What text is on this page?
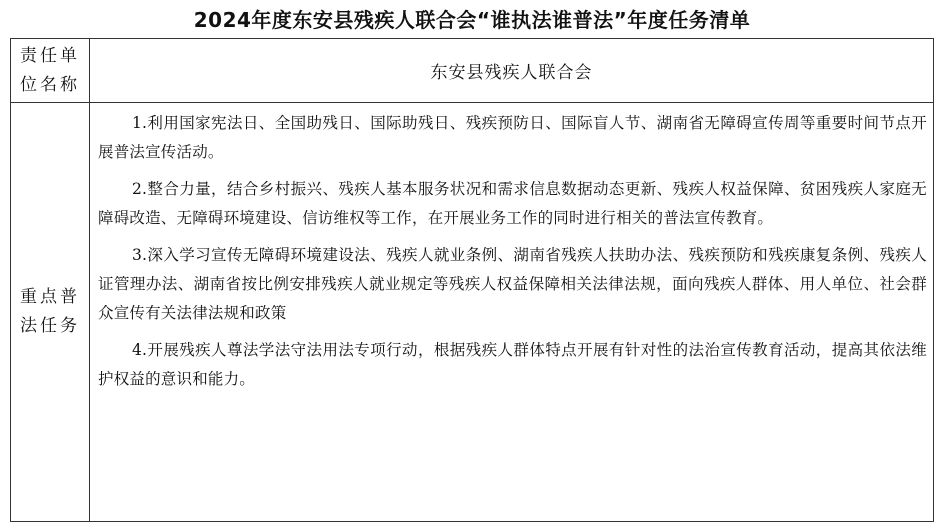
2024年度东安县残疾人联合会“谁执法谁普法”年度任务清单
责任单位名称	东安县残疾人联合会
重点普法任务	1.利用国家宪法日、全国助残日、国际助残日、残疾预防日、国际盲人节、湖南省无障碍宣传周等重要时间节点开展普法宣传活动。

2.整合力量，结合乡村振兴、残疾人基本服务状况和需求信息数据动态更新、残疾人权益保障、贫困残疾人家庭无障碍改造、无障碍环境建设、信访维权等工作，在开展业务工作的同时进行相关的普法宣传教育。

3.深入学习宣传无障碍环境建设法、残疾人就业条例、湖南省残疾人扶助办法、残疾预防和残疾康复条例、残疾人证管理办法、湖南省按比例安排残疾人就业规定等残疾人权益保障相关法律法规，面向残疾人群体、用人单位、社会群众宣传有关法律法规和政策

4.开展残疾人尊法学法守法用法专项行动，根据残疾人群体特点开展有针对性的法治宣传教育活动，提高其依法维护权益的意识和能力。
